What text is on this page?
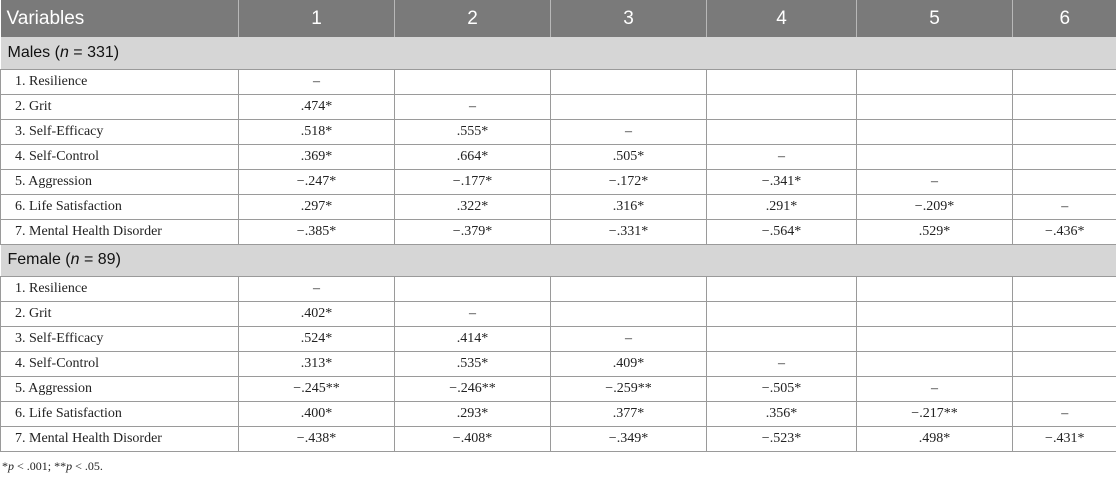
Variables	1	2	3	4	5	6
Males (n = 331)						
1. Resilience	–					
2. Grit	.474*	–				
3. Self-Efficacy	.518*	.555*	–			
4. Self-Control	.369*	.664*	.505*	–		
5. Aggression	−.247*	−.177*	−.172*	−.341*	–	
6. Life Satisfaction	.297*	.322*	.316*	.291*	−.209*	–
7. Mental Health Disorder	−.385*	−.379*	−.331*	−.564*	.529*	−.436*
Female (n = 89)						
1. Resilience	–					
2. Grit	.402*	–				
3. Self-Efficacy	.524*	.414*	–			
4. Self-Control	.313*	.535*	.409*	–		
5. Aggression	−.245**	−.246**	−.259**	−.505*	–	
6. Life Satisfaction	.400*	.293*	.377*	.356*	−.217**	–
7. Mental Health Disorder	−.438*	−.408*	−.349*	−.523*	.498*	−.431*
*p < .001; **p < .05.
